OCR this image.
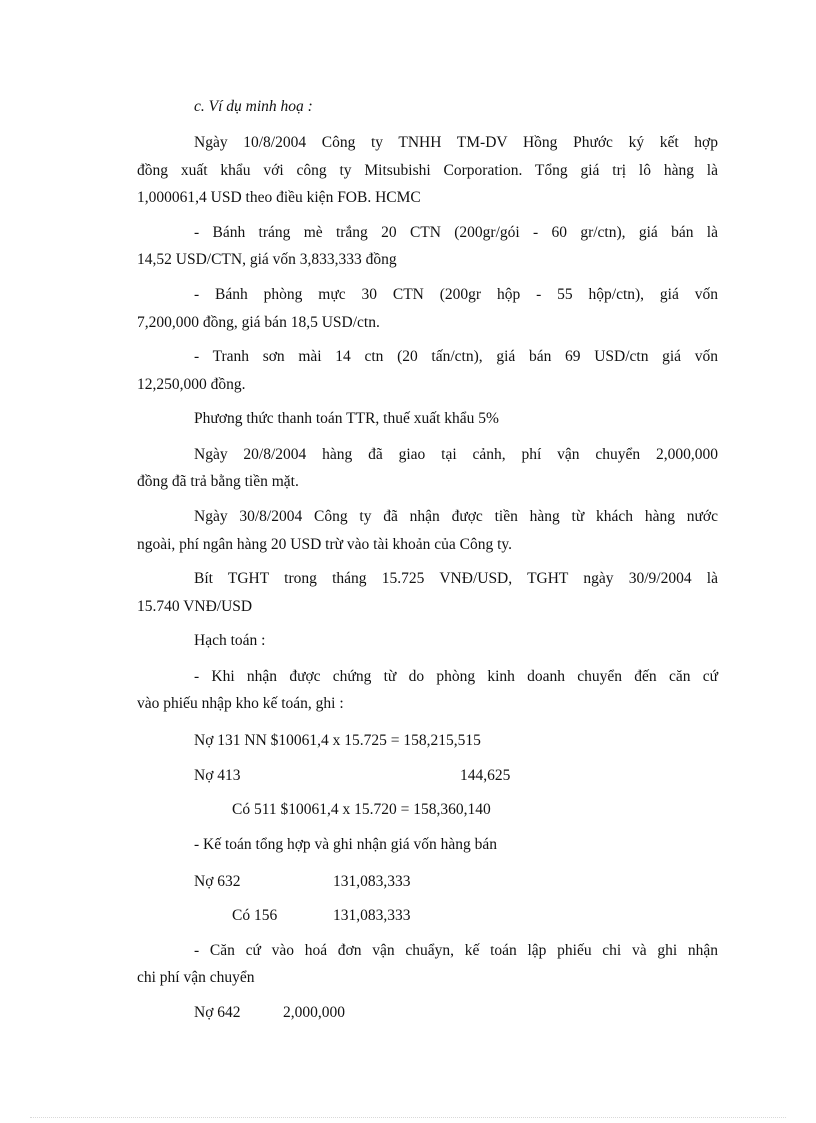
c. Ví dụ minh hoạ :
Ngày 10/8/2004 Công ty TNHH TM-DV Hồng Phước ký kết hợp
đồng xuất khẩu với công ty Mitsubishi Corporation. Tổng giá trị lô hàng là
1,000061,4 USD theo điều kiện FOB. HCMC
- Bánh tráng mè trắng 20 CTN (200gr/gói - 60 gr/ctn), giá bán là
14,52 USD/CTN, giá vốn 3,833,333 đồng
- Bánh phòng mực 30 CTN (200gr hộp - 55 hộp/ctn), giá vốn
7,200,000 đồng, giá bán 18,5 USD/ctn.
- Tranh sơn mài 14 ctn (20 tấn/ctn), giá bán 69 USD/ctn giá vốn
12,250,000 đồng.
Phương thức thanh toán TTR, thuế xuất khẩu 5%
Ngày 20/8/2004 hàng đã giao tại cảnh, phí vận chuyển 2,000,000
đồng đã trả bằng tiền mặt.
Ngày 30/8/2004 Công ty đã nhận được tiền hàng từ khách hàng nước
ngoài, phí ngân hàng 20 USD trừ vào tài khoản của Công ty.
Bít TGHT trong tháng 15.725 VNĐ/USD, TGHT ngày 30/9/2004 là
15.740 VNĐ/USD
Hạch toán :
- Khi nhận được chứng từ do phòng kinh doanh chuyển đến căn cứ
vào phiếu nhập kho kế toán, ghi :
Nợ 131 NN $10061,4 x 15.725 = 158,215,515
Nợ 413	144,625
Có 511 $10061,4 x 15.720 = 158,360,140
- Kế toán tổng hợp và ghi nhận giá vốn hàng bán
Nợ 632	131,083,333
Có 156	131,083,333
- Căn cứ vào hoá đơn vận chuẩyn, kế toán lập phiếu chi và ghi nhận
chi phí vận chuyển
Nợ 642	2,000,000
